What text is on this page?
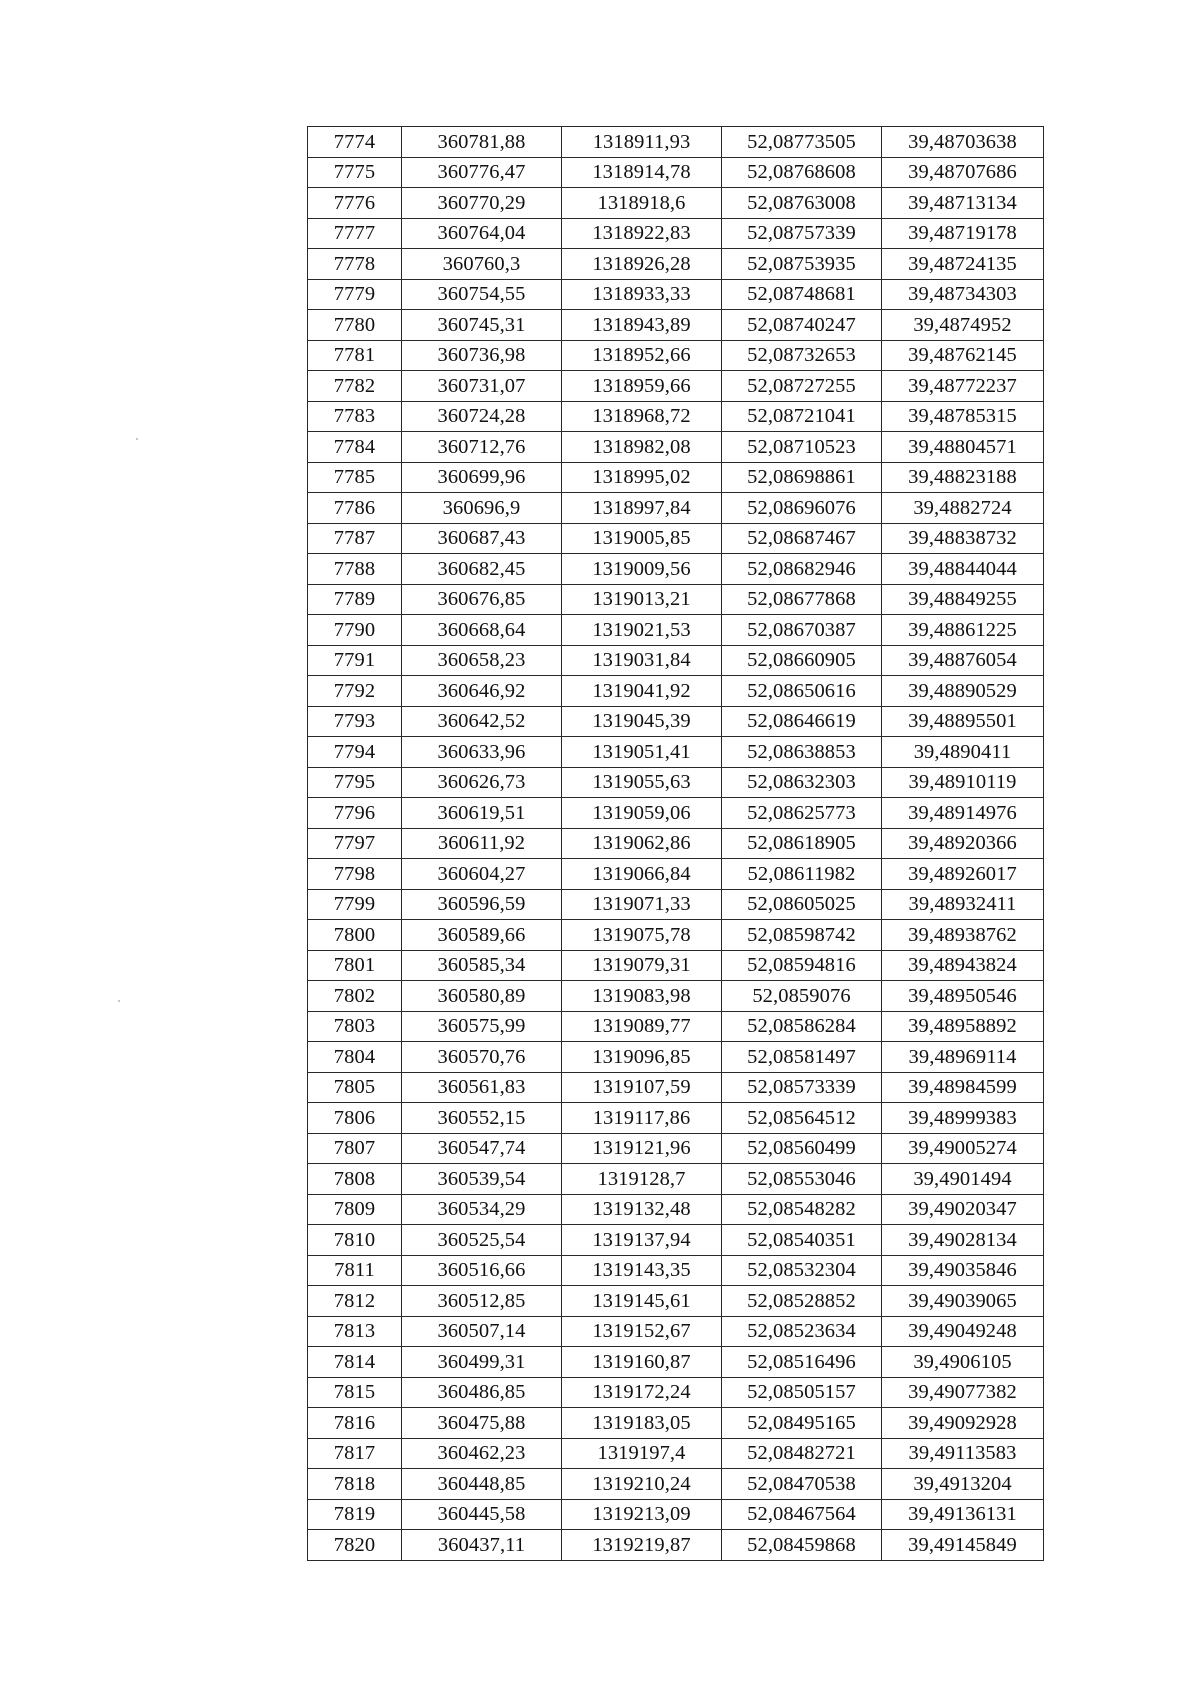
7774	360781,88	1318911,93	52,08773505	39,48703638
7775	360776,47	1318914,78	52,08768608	39,48707686
7776	360770,29	1318918,6	52,08763008	39,48713134
7777	360764,04	1318922,83	52,08757339	39,48719178
7778	360760,3	1318926,28	52,08753935	39,48724135
7779	360754,55	1318933,33	52,08748681	39,48734303
7780	360745,31	1318943,89	52,08740247	39,4874952
7781	360736,98	1318952,66	52,08732653	39,48762145
7782	360731,07	1318959,66	52,08727255	39,48772237
7783	360724,28	1318968,72	52,08721041	39,48785315
7784	360712,76	1318982,08	52,08710523	39,48804571
7785	360699,96	1318995,02	52,08698861	39,48823188
7786	360696,9	1318997,84	52,08696076	39,4882724
7787	360687,43	1319005,85	52,08687467	39,48838732
7788	360682,45	1319009,56	52,08682946	39,48844044
7789	360676,85	1319013,21	52,08677868	39,48849255
7790	360668,64	1319021,53	52,08670387	39,48861225
7791	360658,23	1319031,84	52,08660905	39,48876054
7792	360646,92	1319041,92	52,08650616	39,48890529
7793	360642,52	1319045,39	52,08646619	39,48895501
7794	360633,96	1319051,41	52,08638853	39,4890411
7795	360626,73	1319055,63	52,08632303	39,48910119
7796	360619,51	1319059,06	52,08625773	39,48914976
7797	360611,92	1319062,86	52,08618905	39,48920366
7798	360604,27	1319066,84	52,08611982	39,48926017
7799	360596,59	1319071,33	52,08605025	39,48932411
7800	360589,66	1319075,78	52,08598742	39,48938762
7801	360585,34	1319079,31	52,08594816	39,48943824
7802	360580,89	1319083,98	52,0859076	39,48950546
7803	360575,99	1319089,77	52,08586284	39,48958892
7804	360570,76	1319096,85	52,08581497	39,48969114
7805	360561,83	1319107,59	52,08573339	39,48984599
7806	360552,15	1319117,86	52,08564512	39,48999383
7807	360547,74	1319121,96	52,08560499	39,49005274
7808	360539,54	1319128,7	52,08553046	39,4901494
7809	360534,29	1319132,48	52,08548282	39,49020347
7810	360525,54	1319137,94	52,08540351	39,49028134
7811	360516,66	1319143,35	52,08532304	39,49035846
7812	360512,85	1319145,61	52,08528852	39,49039065
7813	360507,14	1319152,67	52,08523634	39,49049248
7814	360499,31	1319160,87	52,08516496	39,4906105
7815	360486,85	1319172,24	52,08505157	39,49077382
7816	360475,88	1319183,05	52,08495165	39,49092928
7817	360462,23	1319197,4	52,08482721	39,49113583
7818	360448,85	1319210,24	52,08470538	39,4913204
7819	360445,58	1319213,09	52,08467564	39,49136131
7820	360437,11	1319219,87	52,08459868	39,49145849
